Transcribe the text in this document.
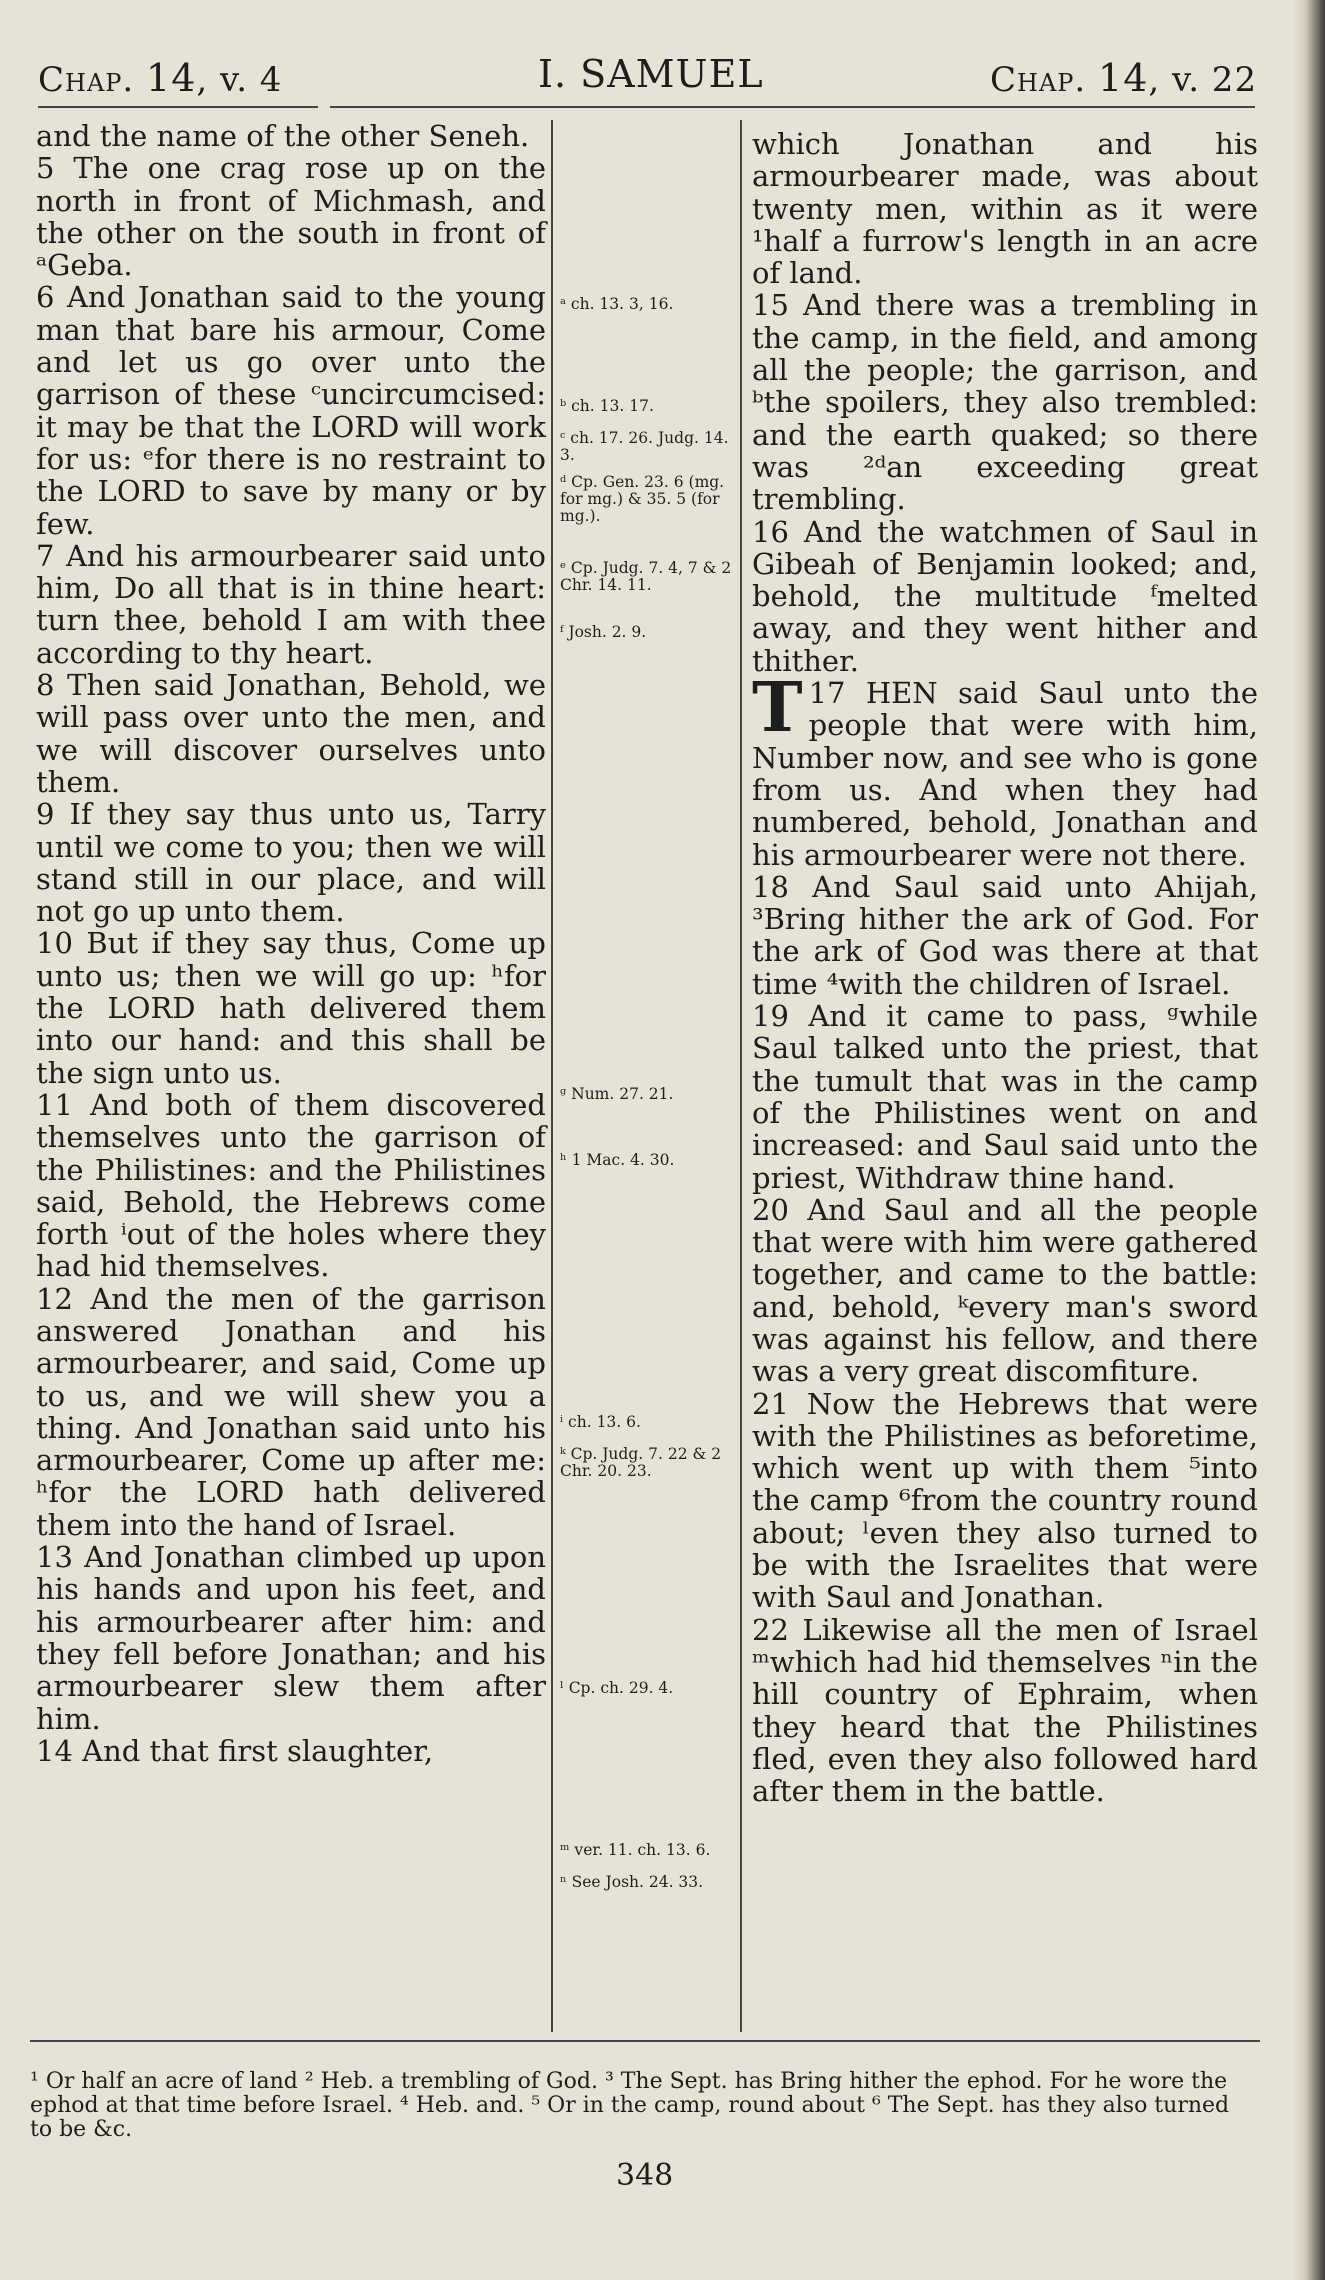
Chap. 14, v. 4	I. SAMUEL	Chap. 14, v. 22

and the name of the other Seneh.

5 The one crag rose up on the north in front of Michmash, and the other on the south in front of ᵃGeba.

6 And Jonathan said to the young man that bare his armour, Come and let us go over unto the garrison of these ᶜuncircumcised: it may be that the LORD will work for us: ᵉfor there is no restraint to the LORD to save by many or by few.

7 And his armourbearer said unto him, Do all that is in thine heart: turn thee, behold I am with thee according to thy heart.

8 Then said Jonathan, Behold, we will pass over unto the men, and we will discover ourselves unto them.

9 If they say thus unto us, Tarry until we come to you; then we will stand still in our place, and will not go up unto them.

10 But if they say thus, Come up unto us; then we will go up: ʰfor the LORD hath delivered them into our hand: and this shall be the sign unto us.

11 And both of them discovered themselves unto the garrison of the Philistines: and the Philistines said, Behold, the Hebrews come forth ⁱout of the holes where they had hid themselves.

12 And the men of the garrison answered Jonathan and his armourbearer, and said, Come up to us, and we will shew you a thing. And Jonathan said unto his armourbearer, Come up after me: ʰfor the LORD hath delivered them into the hand of Israel.

13 And Jonathan climbed up upon his hands and upon his feet, and his armourbearer after him: and they fell before Jonathan; and his armourbearer slew them after him.

14 And that first slaughter,

ᵃ ch. 13. 3, 16.
ᵇ ch. 13. 17.
ᶜ ch. 17. 26. Judg. 14. 3.
ᵈ Cp. Gen. 23. 6 (mg. for mg.) & 35. 5 (for mg.).
ᵉ Cp. Judg. 7. 4, 7 & 2 Chr. 14. 11.
ᶠ Josh. 2. 9.
ᵍ Num. 27. 21.
ʰ 1 Mac. 4. 30.
ⁱ ch. 13. 6.
ᵏ Cp. Judg. 7. 22 & 2 Chr. 20. 23.
ˡ Cp. ch. 29. 4.
ᵐ ver. 11. ch. 13. 6.
ⁿ See Josh. 24. 33.

which Jonathan and his armourbearer made, was about twenty men, within as it were ¹half a furrow's length in an acre of land.

15 And there was a trembling in the camp, in the field, and among all the people; the garrison, and ᵇthe spoilers, they also trembled: and the earth quaked; so there was ²ᵈan exceeding great trembling.

16 And the watchmen of Saul in Gibeah of Benjamin looked; and, behold, the multitude ᶠmelted away, and they went hither and thither.

17
T HEN said Saul unto the people that were with him, Number now, and see who is gone from us. And when they had numbered, behold, Jonathan and his armourbearer were not there.

18 And Saul said unto Ahijah, ³Bring hither the ark of God. For the ark of God was there at that time ⁴with the children of Israel.

19 And it came to pass, ᵍwhile Saul talked unto the priest, that the tumult that was in the camp of the Philistines went on and increased: and Saul said unto the priest, Withdraw thine hand.

20 And Saul and all the people that were with him were gathered together, and came to the battle: and, behold, ᵏevery man's sword was against his fellow, and there was a very great discomfiture.

21 Now the Hebrews that were with the Philistines as beforetime, which went up with them ⁵into the camp ⁶from the country round about; ˡeven they also turned to be with the Israelites that were with Saul and Jonathan.

22 Likewise all the men of Israel ᵐwhich had hid themselves ⁿin the hill country of Ephraim, when they heard that the Philistines fled, even they also followed hard after them in the battle.

¹ Or half an acre of land ² Heb. a trembling of God. ³ The Sept. has Bring hither the ephod. For he wore the ephod at that time before Israel. ⁴ Heb. and. ⁵ Or in the camp, round about ⁶ The Sept. has they also turned to be &c.

348
